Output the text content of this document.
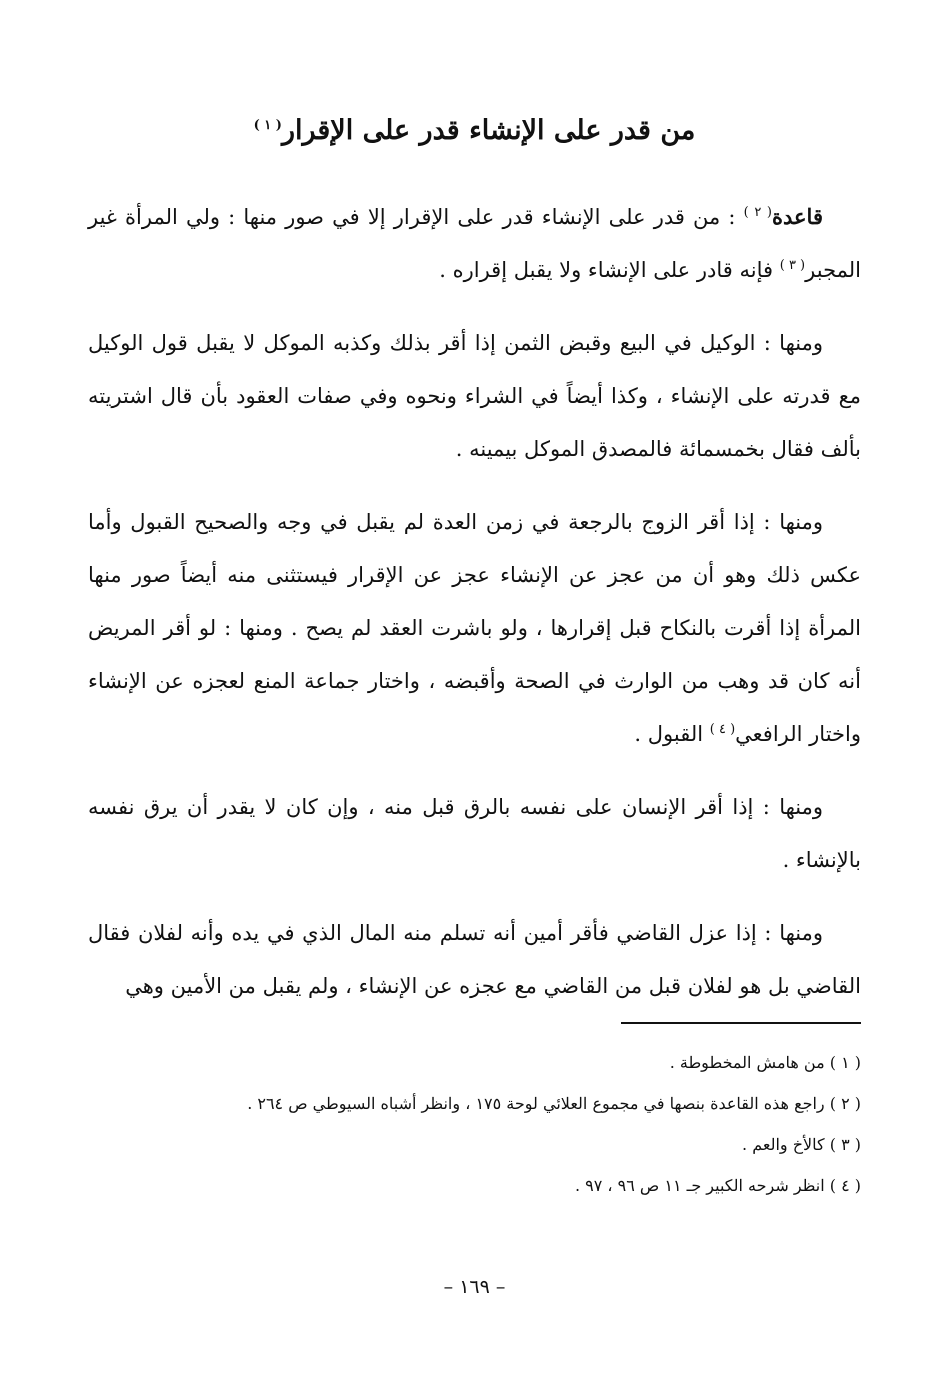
من قدر على الإنشاء قدر على الإقرار$^{( ١ )}$

قاعدة$^{( ٢ )}$ : من قدر على الإنشاء قدر على الإقرار إلا في صور منها : ولي المرأة غير المجبر$^{( ٣ )}$ فإنه قادر على الإنشاء ولا يقبل إقراره .

ومنها : الوكيل في البيع وقبض الثمن إذا أقر بذلك وكذبه الموكل لا يقبل قول الوكيل مع قدرته على الإنشاء ، وكذا أيضاً في الشراء ونحوه وفي صفات العقود بأن قال اشتريته بألف فقال بخمسمائة فالمصدق الموكل بيمينه .

ومنها : إذا أقر الزوج بالرجعة في زمن العدة لم يقبل في وجه والصحيح القبول وأما عكس ذلك وهو أن من عجز عن الإنشاء عجز عن الإقرار فيستثنى منه أيضاً صور منها المرأة إذا أقرت بالنكاح قبل إقرارها ، ولو باشرت العقد لم يصح . ومنها : لو أقر المريض أنه كان قد وهب من الوارث في الصحة وأقبضه ، واختار جماعة المنع لعجزه عن الإنشاء واختار الرافعي$^{( ٤ )}$ القبول .

ومنها : إذا أقر الإنسان على نفسه بالرق قبل منه ، وإن كان لا يقدر أن يرق نفسه بالإنشاء .

ومنها : إذا عزل القاضي فأقر أمين أنه تسلم منه المال الذي في يده وأنه لفلان فقال القاضي بل هو لفلان قبل من القاضي مع عجزه عن الإنشاء ، ولم يقبل من الأمين وهي

( ١ ) من هامش المخطوطة .
( ٢ ) راجع هذه القاعدة بنصها في مجموع العلائي لوحة ١٧٥ ، وانظر أشباه السيوطي ص ٢٦٤ .
( ٣ ) كالأخ والعم .
( ٤ ) انظر شرحه الكبير جـ ١١ ص ٩٦ ، ٩٧ .
– ١٦٩ –
